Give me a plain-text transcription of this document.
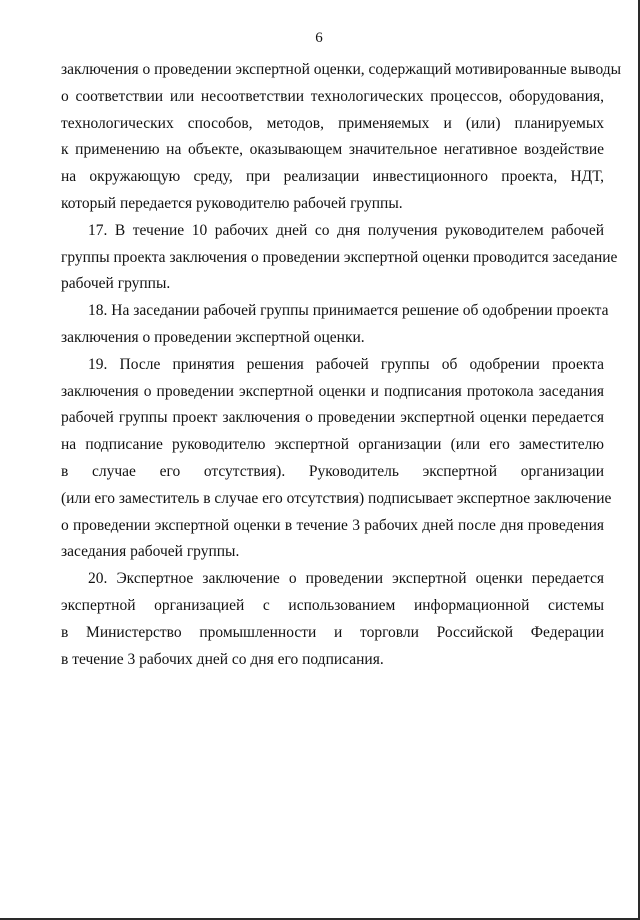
6
заключения о проведении экспертной оценки, содержащий мотивированные выводы
о соответствии или несоответствии технологических процессов, оборудования,
технологических способов, методов, применяемых и (или) планируемых
к применению на объекте, оказывающем значительное негативное воздействие
на окружающую среду, при реализации инвестиционного проекта, НДТ,
который передается руководителю рабочей группы.
17. В течение 10 рабочих дней со дня получения руководителем рабочей
группы проекта заключения о проведении экспертной оценки проводится заседание
рабочей группы.
18. На заседании рабочей группы принимается решение об одобрении проекта
заключения о проведении экспертной оценки.
19. После принятия решения рабочей группы об одобрении проекта
заключения о проведении экспертной оценки и подписания протокола заседания
рабочей группы проект заключения о проведении экспертной оценки передается
на подписание руководителю экспертной организации (или его заместителю
в случае его отсутствия). Руководитель экспертной организации
(или его заместитель в случае его отсутствия) подписывает экспертное заключение
о проведении экспертной оценки в течение 3 рабочих дней после дня проведения
заседания рабочей группы.
20. Экспертное заключение о проведении экспертной оценки передается
экспертной организацией с использованием информационной системы
в Министерство промышленности и торговли Российской Федерации
в течение 3 рабочих дней со дня его подписания.
